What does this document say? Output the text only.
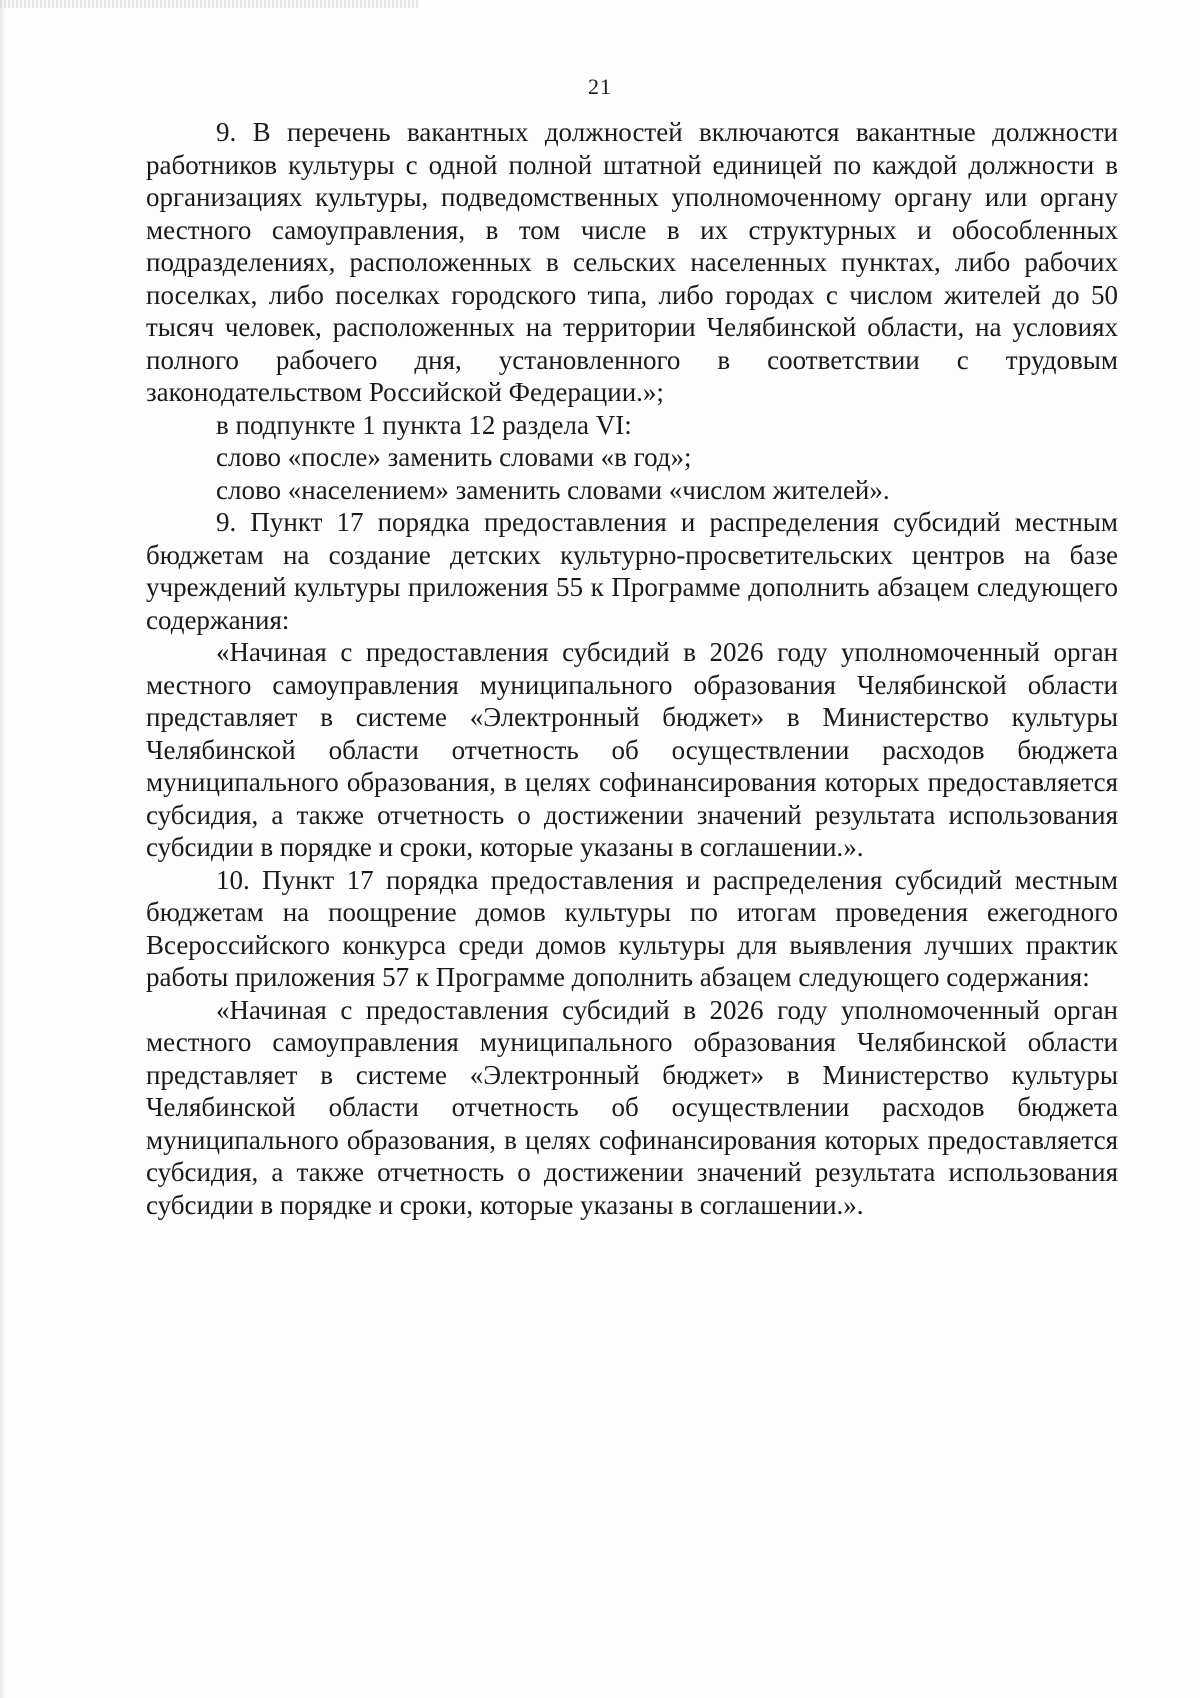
21

9. В перечень вакантных должностей включаются вакантные должности работников культуры с одной полной штатной единицей по каждой должности в организациях культуры, подведомственных уполномоченному органу или органу местного самоуправления, в том числе в их структурных и обособленных подразделениях, расположенных в сельских населенных пунктах, либо рабочих поселках, либо поселках городского типа, либо городах с числом жителей до 50 тысяч человек, расположенных на территории Челябинской области, на условиях полного рабочего дня, установленного в соответствии с трудовым законодательством Российской Федерации.»;

в подпункте 1 пункта 12 раздела VI:

слово «после» заменить словами «в год»;

слово «населением» заменить словами «числом жителей».

9. Пункт 17 порядка предоставления и распределения субсидий местным бюджетам на создание детских культурно-просветительских центров на базе учреждений культуры приложения 55 к Программе дополнить абзацем следующего содержания:

«Начиная с предоставления субсидий в 2026 году уполномоченный орган местного самоуправления муниципального образования Челябинской области представляет в системе «Электронный бюджет» в Министерство культуры Челябинской области отчетность об осуществлении расходов бюджета муниципального образования, в целях софинансирования которых предоставляется субсидия, а также отчетность о достижении значений результата использования субсидии в порядке и сроки, которые указаны в соглашении.».

10. Пункт 17 порядка предоставления и распределения субсидий местным бюджетам на поощрение домов культуры по итогам проведения ежегодного Всероссийского конкурса среди домов культуры для выявления лучших практик работы приложения 57 к Программе дополнить абзацем следующего содержания:

«Начиная с предоставления субсидий в 2026 году уполномоченный орган местного самоуправления муниципального образования Челябинской области представляет в системе «Электронный бюджет» в Министерство культуры Челябинской области отчетность об осуществлении расходов бюджета муниципального образования, в целях софинансирования которых предоставляется субсидия, а также отчетность о достижении значений результата использования субсидии в порядке и сроки, которые указаны в соглашении.».
